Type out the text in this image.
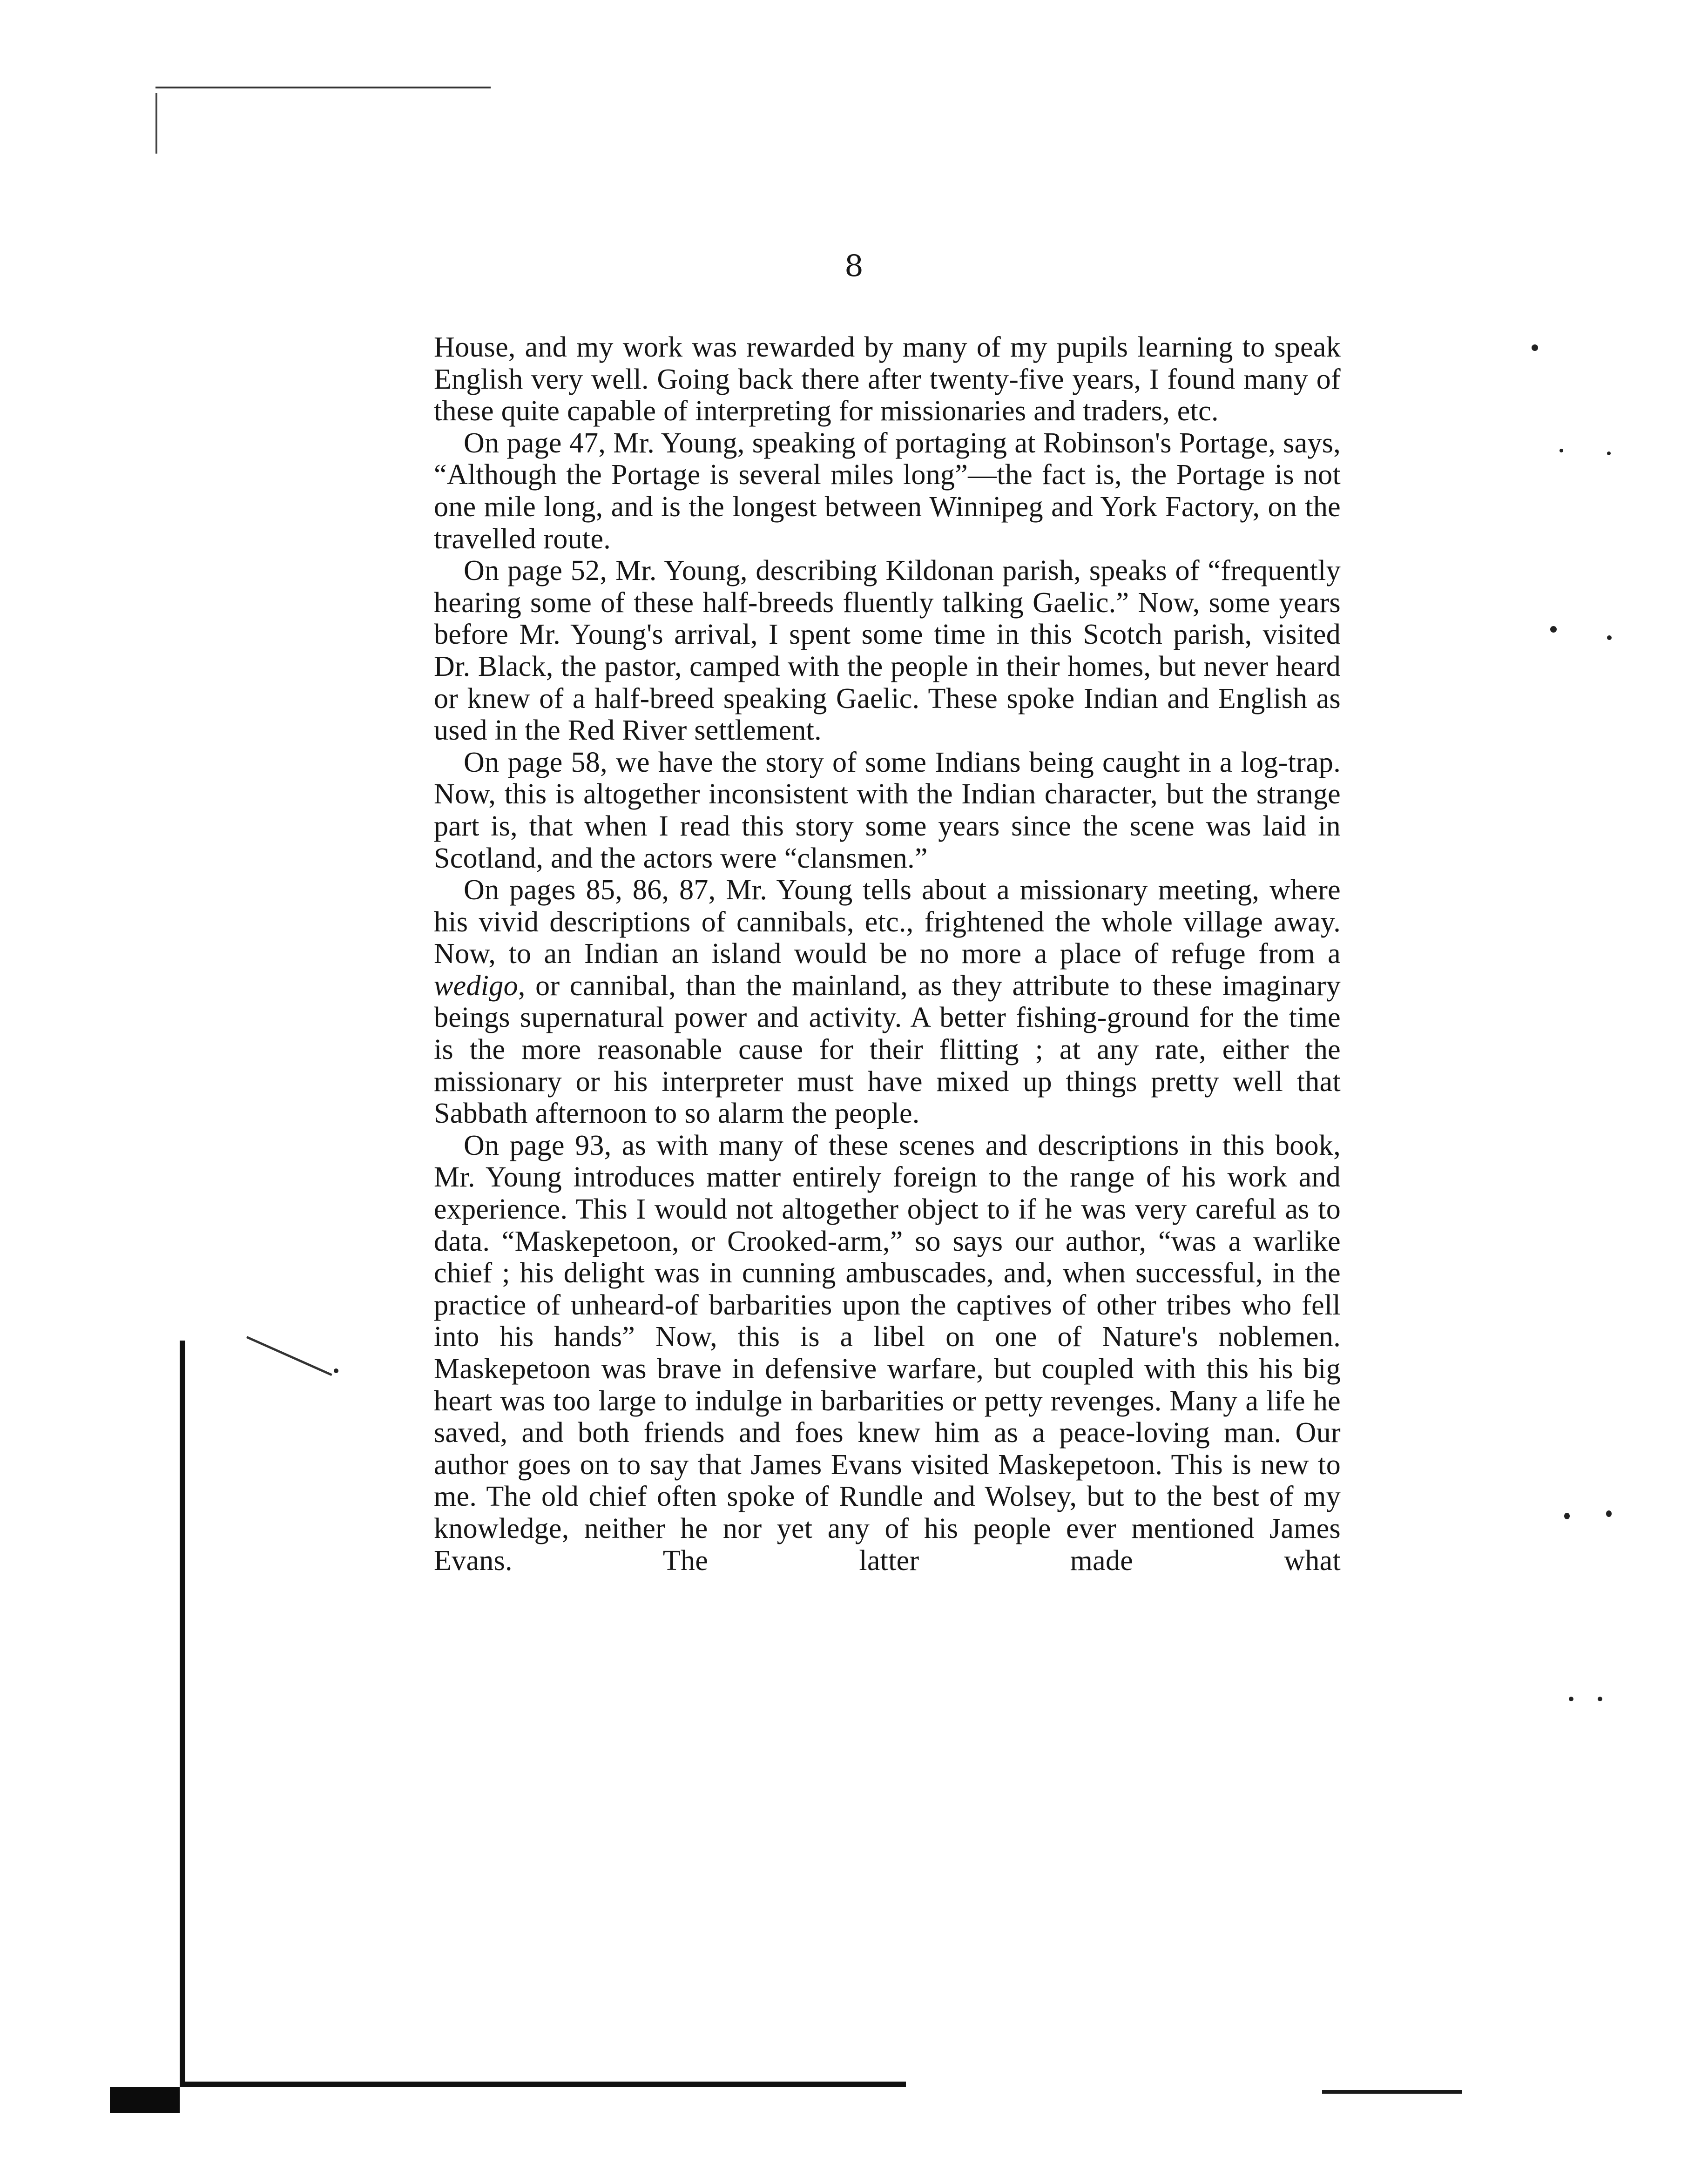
8

House, and my work was rewarded by many of my pupils learning to speak English very well. Going back there after twenty-five years, I found many of these quite capable of interpreting for missionaries and traders, etc.

On page 47, Mr. Young, speaking of portaging at Robinson's Portage, says, “Although the Portage is several miles long”—the fact is, the Portage is not one mile long, and is the longest between Winnipeg and York Factory, on the travelled route.

On page 52, Mr. Young, describing Kildonan parish, speaks of “frequently hearing some of these half-breeds fluently talking Gaelic.” Now, some years before Mr. Young's arrival, I spent some time in this Scotch parish, visited Dr. Black, the pastor, camped with the people in their homes, but never heard or knew of a half-breed speaking Gaelic. These spoke Indian and English as used in the Red River settlement.

On page 58, we have the story of some Indians being caught in a log-trap. Now, this is altogether inconsistent with the Indian character, but the strange part is, that when I read this story some years since the scene was laid in Scotland, and the actors were “clansmen.”

On pages 85, 86, 87, Mr. Young tells about a missionary meeting, where his vivid descriptions of cannibals, etc., frightened the whole village away. Now, to an Indian an island would be no more a place of refuge from a wedigo, or cannibal, than the mainland, as they attribute to these imaginary beings supernatural power and activity. A better fishing-ground for the time is the more reasonable cause for their flitting ; at any rate, either the missionary or his interpreter must have mixed up things pretty well that Sabbath afternoon to so alarm the people.

On page 93, as with many of these scenes and descriptions in this book, Mr. Young introduces matter entirely foreign to the range of his work and experience. This I would not altogether object to if he was very careful as to data. “Maskepetoon, or Crooked-arm,” so says our author, “was a warlike chief ; his delight was in cunning ambuscades, and, when successful, in the practice of unheard-of barbarities upon the captives of other tribes who fell into his hands” Now, this is a libel on one of Nature's noblemen. Maskepetoon was brave in defensive warfare, but coupled with this his big heart was too large to indulge in barbarities or petty revenges. Many a life he saved, and both friends and foes knew him as a peace-loving man. Our author goes on to say that James Evans visited Maskepetoon. This is new to me. The old chief often spoke of Rundle and Wolsey, but to the best of my knowledge, neither he nor yet any of his people ever mentioned James Evans. The latter made what
